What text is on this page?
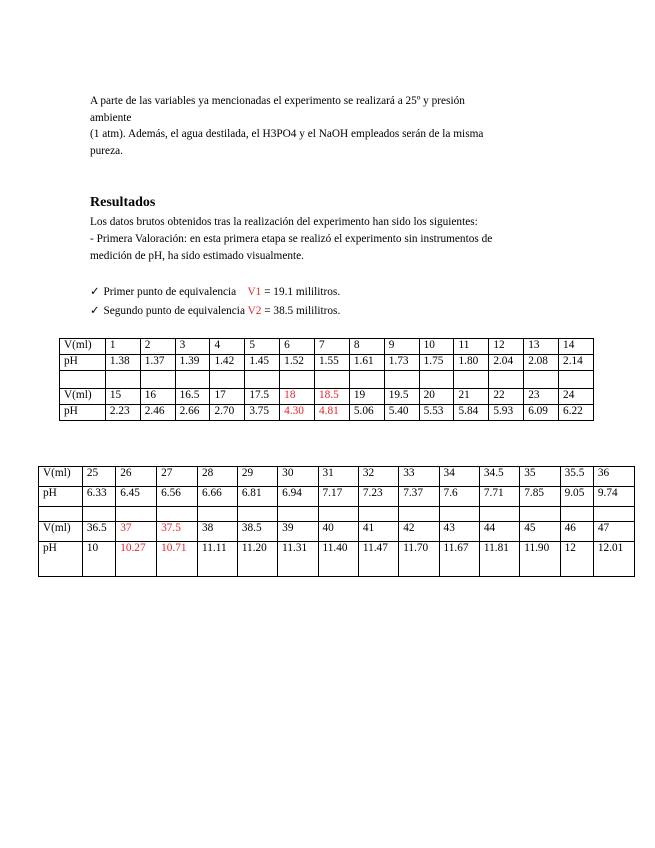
A parte de las variables ya mencionadas el experimento se realizará a 25º y presión

ambiente

(1 atm). Además, el agua destilada, el H3PO4 y el NaOH empleados serán de la misma

pureza.

Resultados

Los datos brutos obtenidos tras la realización del experimento han sido los siguientes:

- Primera Valoración: en esta primera etapa se realizó el experimento sin instrumentos de

medición de pH, ha sido estimado visualmente.

✓ Primer punto de equivalencia V1 = 19.1 mililitros.
✓ Segundo punto de equivalencia V2 = 38.5 mililitros.
V(ml)	1	2	3	4	5	6	7	8	9	10	11	12	13	14
pH	1.38	1.37	1.39	1.42	1.45	1.52	1.55	1.61	1.73	1.75	1.80	2.04	2.08	2.14

V(ml)	15	16	16.5	17	17.5	18	18.5	19	19.5	20	21	22	23	24
pH	2.23	2.46	2.66	2.70	3.75	4.30	4.81	5.06	5.40	5.53	5.84	5.93	6.09	6.22
V(ml)	25	26	27	28	29	30	31	32	33	34	34.5	35	35.5	36
pH	6.33	6.45	6.56	6.66	6.81	6.94	7.17	7.23	7.37	7.6	7.71	7.85	9.05	9.74

V(ml)	36.5	37	37.5	38	38.5	39	40	41	42	43	44	45	46	47
pH	10	10.27	10.71	11.11	11.20	11.31	11.40	11.47	11.70	11.67	11.81	11.90	12	12.01
